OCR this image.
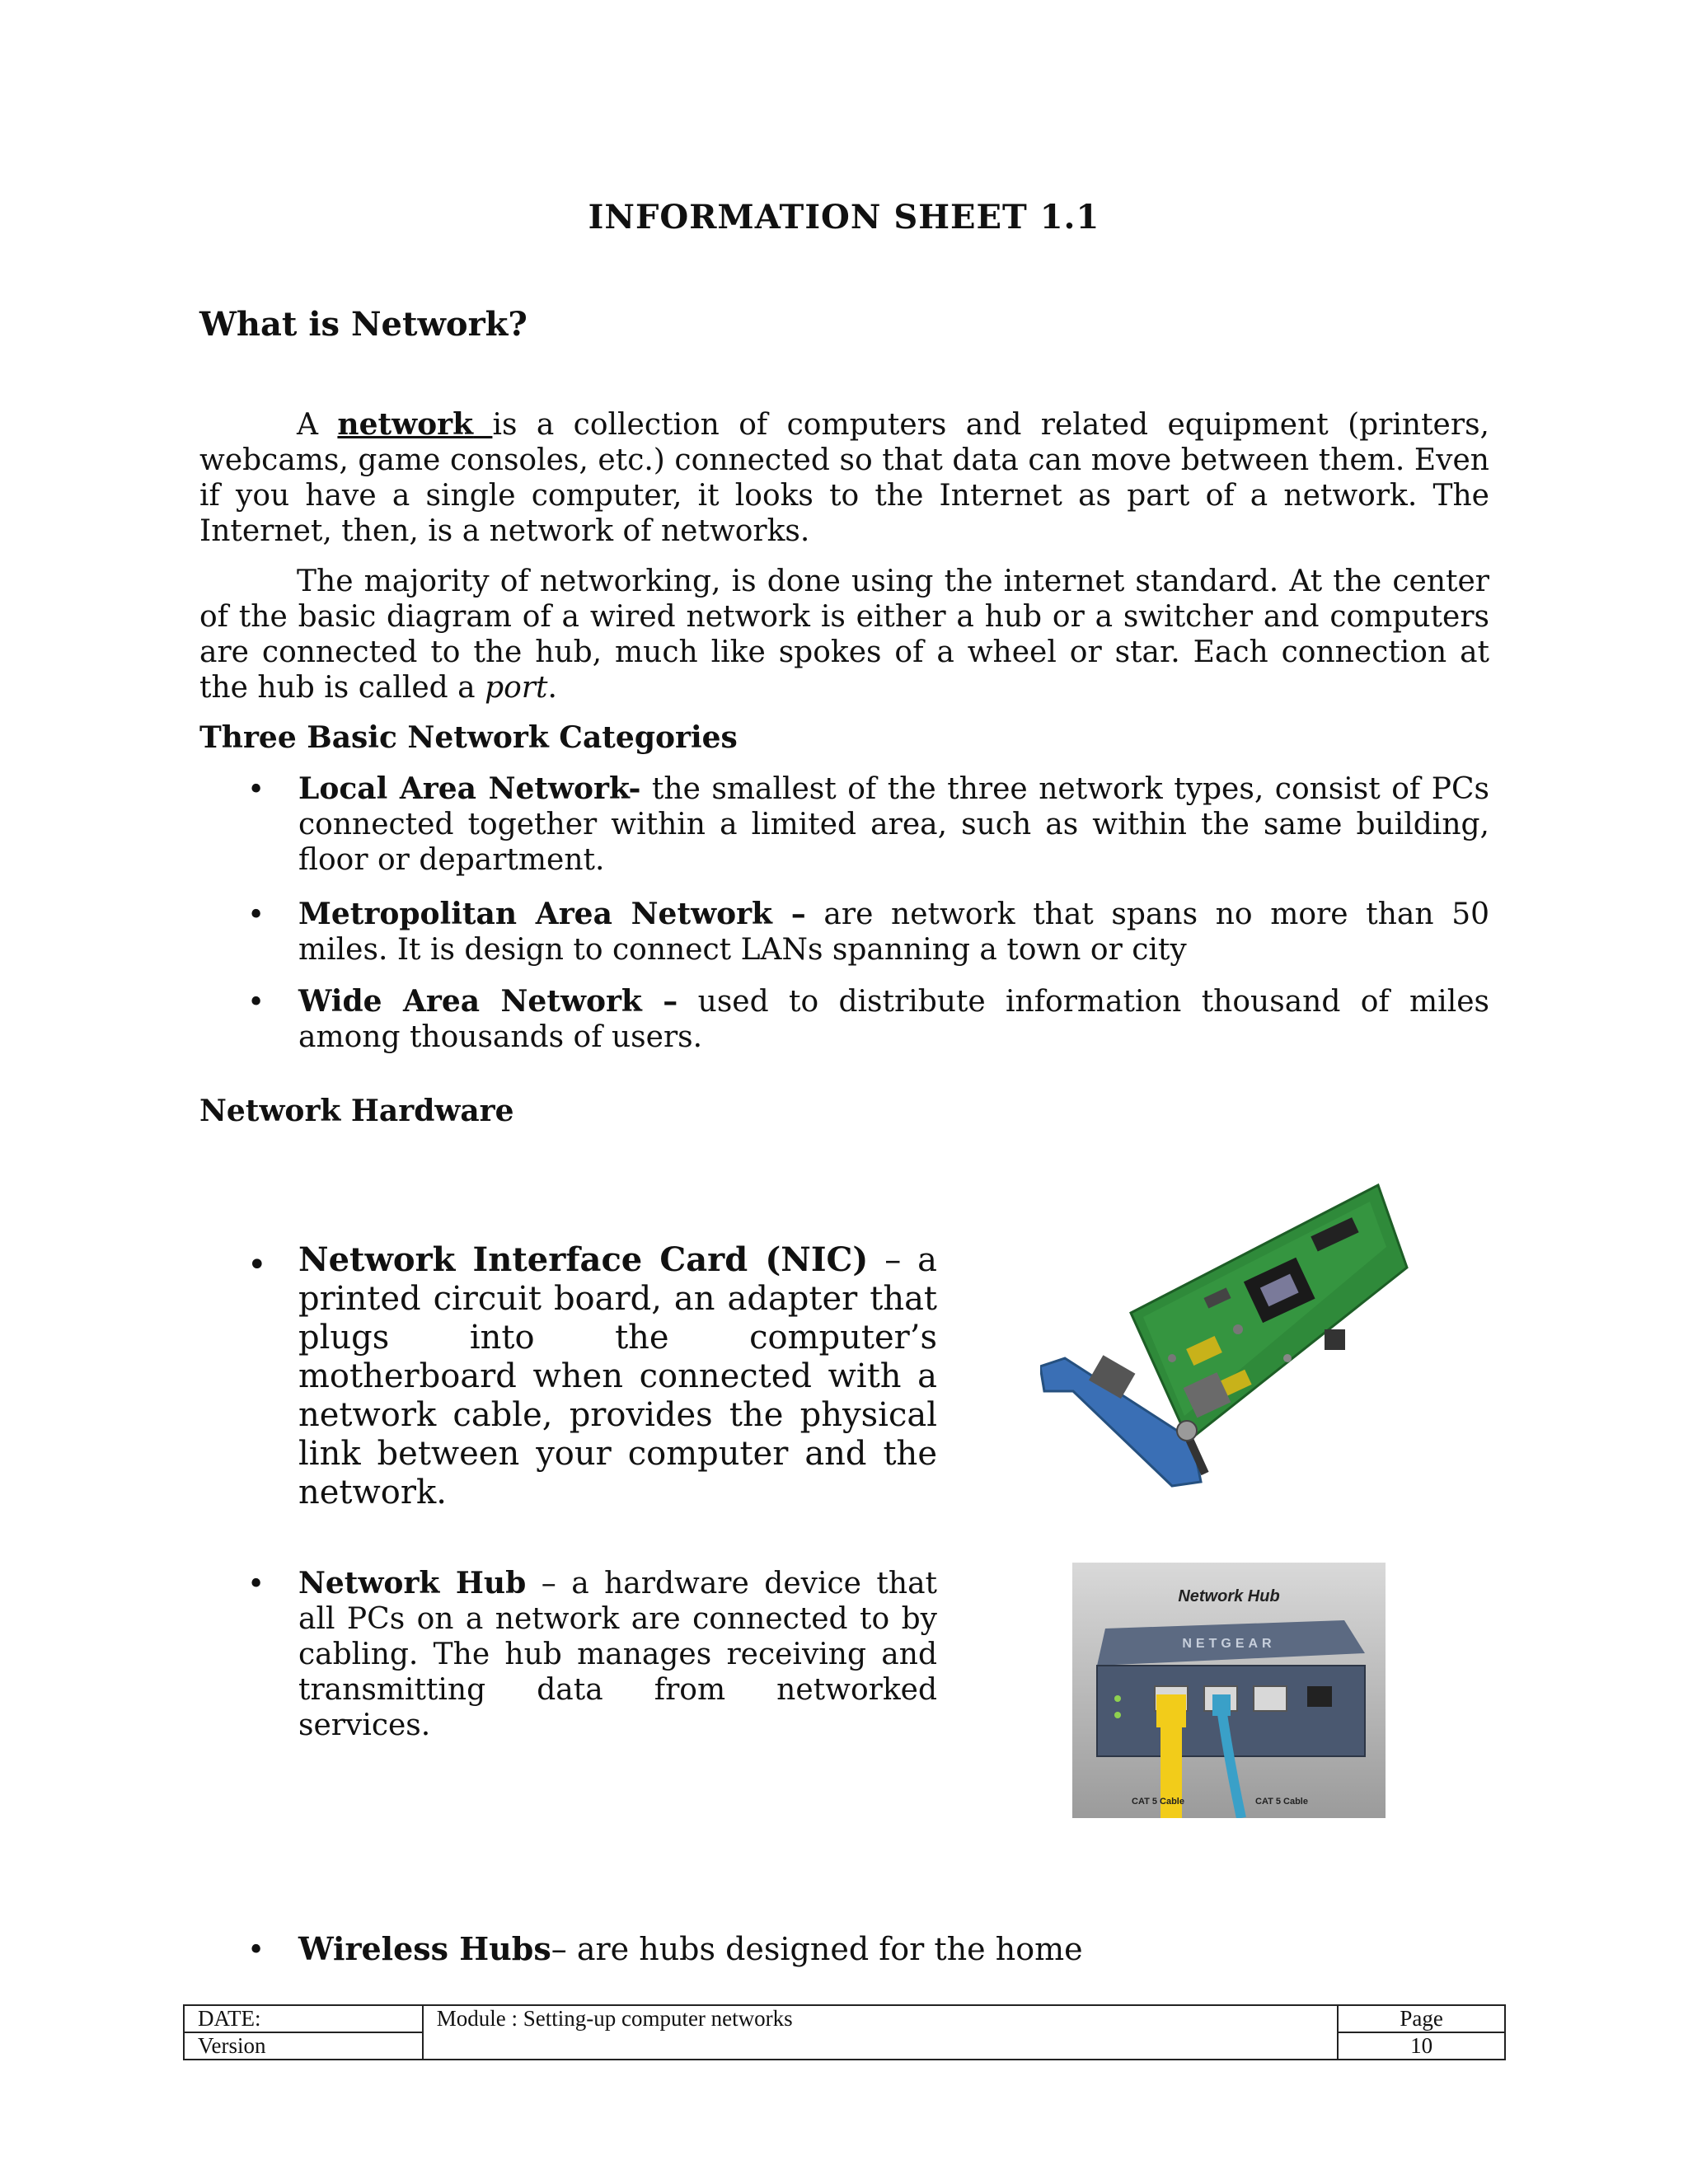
INFORMATION SHEET 1.1
What is Network?
A network is a collection of computers and related equipment (printers, webcams, game consoles, etc.) connected so that data can move between them. Even if you have a single computer, it looks to the Internet as part of a network. The Internet, then, is a network of networks.
The majority of networking, is done using the internet standard. At the center of the basic diagram of a wired network is either a hub or a switcher and computers are connected to the hub, much like spokes of a wheel or star. Each connection at the hub is called a port.
Three Basic Network Categories
• Local Area Network- the smallest of the three network types, consist of PCs connected together within a limited area, such as within the same building, floor or department.
• Metropolitan Area Network – are network that spans no more than 50 miles. It is design to connect LANs spanning a town or city
• Wide Area Network – used to distribute information thousand of miles among thousands of users.
Network Hardware
• Network Interface Card (NIC) – a printed circuit board, an adapter that plugs into the computer’s motherboard when connected with a network cable, provides the physical link between your computer and the network.
• Network Hub – a hardware device that all PCs on a network are connected to by cabling. The hub manages receiving and transmitting data from networked services.
• Wireless Hubs– are hubs designed for the home
Network Hub
NETGEAR
CAT 5 Cable	CAT 5 Cable
DATE:	Module : Setting-up computer networks	Page
Version		10
